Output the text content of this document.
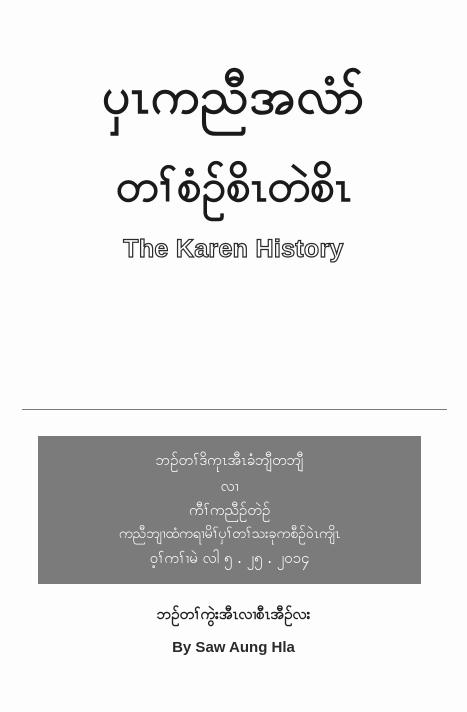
ပှၤကညီအလံာ်
တၢ်စံဉ်စိၤတဲစိၤ
The Karen History
ဘဉ်တၢ်ဒိကုၤအီၤခံဘျီတဘျီ
လၢ
ကီၢ်ကညီဉ်တဲဉ်
ကညီဘျၢထံကရၢမိၢ်ပှၢ်တၢ်သးခုကစီဉ်ဝဲၤကျိၤ
ဝ့ၢ်ကၢ်ၢမဲ လါ ၅ . ၂၅ . ၂၀၁၄
ဘဉ်တၢ်ကွဲးအီၤလၢစီၤအီဉ်လး
By Saw Aung Hla
